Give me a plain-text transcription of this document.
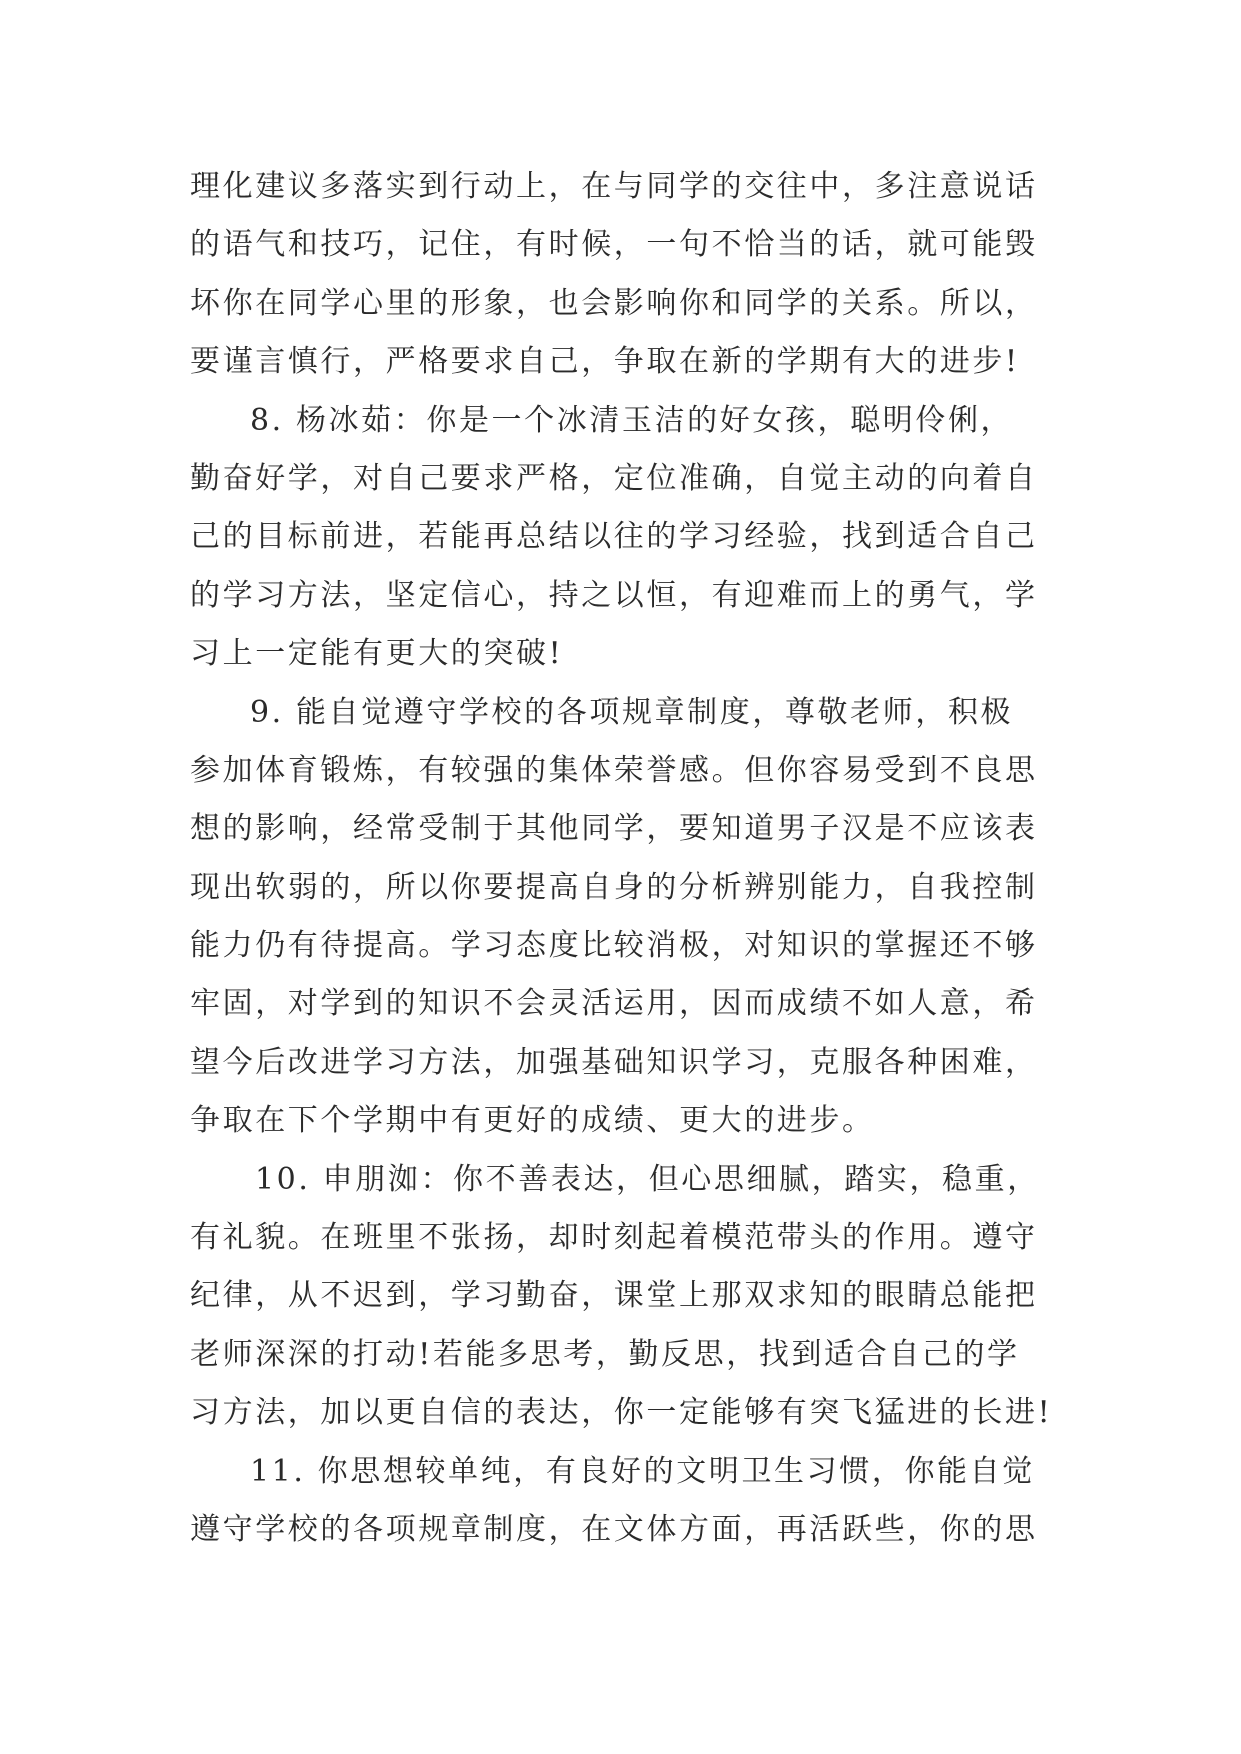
理化建议多落实到行动上，在与同学的交往中，多注意说话
的语气和技巧，记住，有时候，一句不恰当的话，就可能毁
坏你在同学心里的形象，也会影响你和同学的关系。所以，
要谨言慎行，严格要求自己，争取在新的学期有大的进步!
8. 杨冰茹：你是一个冰清玉洁的好女孩，聪明伶俐，
勤奋好学，对自己要求严格，定位准确，自觉主动的向着自
己的目标前进，若能再总结以往的学习经验，找到适合自己
的学习方法，坚定信心，持之以恒，有迎难而上的勇气，学
习上一定能有更大的突破!
9. 能自觉遵守学校的各项规章制度，尊敬老师，积极
参加体育锻炼，有较强的集体荣誉感。但你容易受到不良思
想的影响，经常受制于其他同学，要知道男子汉是不应该表
现出软弱的，所以你要提高自身的分析辨别能力，自我控制
能力仍有待提高。学习态度比较消极，对知识的掌握还不够
牢固，对学到的知识不会灵活运用，因而成绩不如人意，希
望今后改进学习方法，加强基础知识学习，克服各种困难，
争取在下个学期中有更好的成绩、更大的进步。
10. 申朋洳：你不善表达，但心思细腻，踏实，稳重，
有礼貌。在班里不张扬，却时刻起着模范带头的作用。遵守
纪律，从不迟到，学习勤奋，课堂上那双求知的眼睛总能把
老师深深的打动!若能多思考，勤反思，找到适合自己的学
习方法，加以更自信的表达，你一定能够有突飞猛进的长进!
11. 你思想较单纯，有良好的文明卫生习惯，你能自觉
遵守学校的各项规章制度，在文体方面，再活跃些，你的思
